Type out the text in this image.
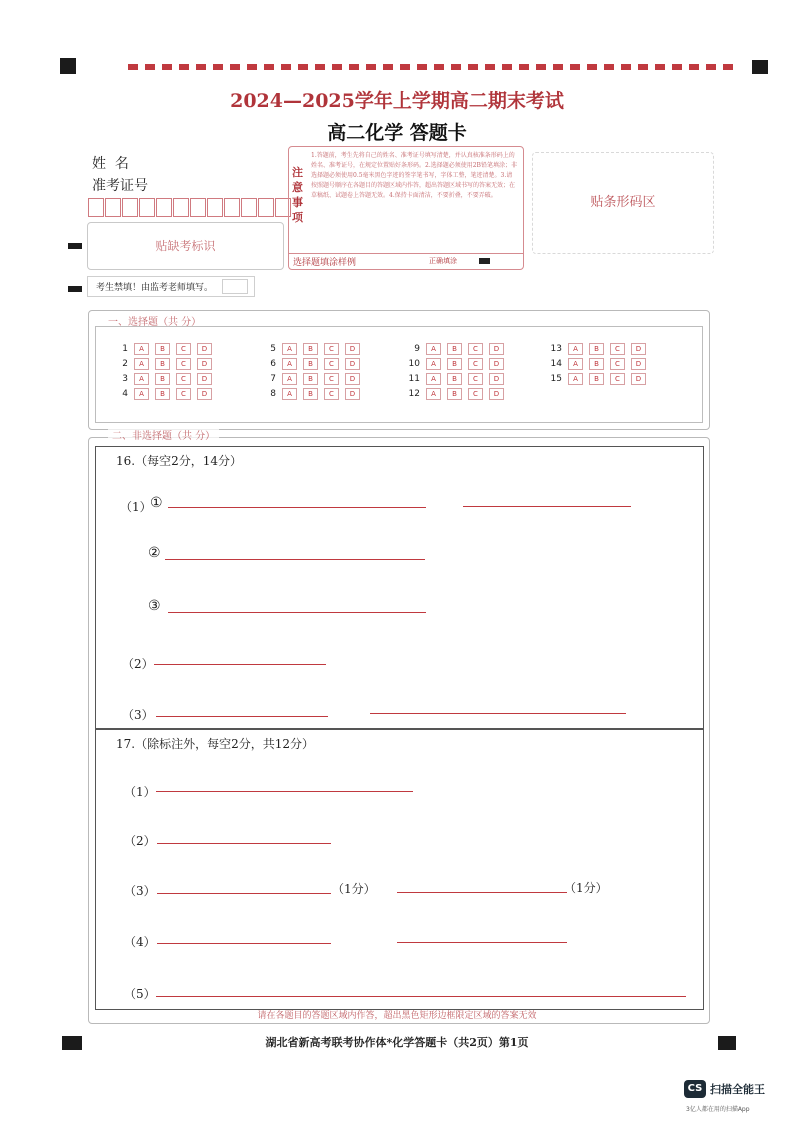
2024—2025学年上学期高二期末考试
高二化学 答题卡
姓  名
准考证号
贴缺考标识
注意事项
1.答题前，考生先将自己的姓名、准考证号填写清楚，并认真核准条形码上的姓名、准考证号，在规定位置贴好条形码。2.选择题必须使用2B铅笔填涂；非选择题必须使用0.5毫米黑色字迹的签字笔书写，字体工整，笔迹清楚。3.请按照题号顺序在各题目的答题区域内作答，超出答题区域书写的答案无效；在草稿纸、试题卷上答题无效。4.保持卡面清洁，不要折叠，不要弄破。
选择题填涂样例	正确填涂
贴条形码区
考生禁填！由监考老师填写。
一、选择题（共 分）
1	A	B	C	D
2	A	B	C	D
3	A	B	C	D
4	A	B	C	D
5	A	B	C	D
6	A	B	C	D
7	A	B	C	D
8	A	B	C	D
9	A	B	C	D
10	A	B	C	D
11	A	B	C	D
12	A	B	C	D
13	A	B	C	D
14	A	B	C	D
15	A	B	C	D
二、非选择题（共 分）
16.（每空2分，14分）
（1）
①
②
③
（2）
（3）
17.（除标注外，每空2分，共12分）
（1）
（2）
（3）	（1分）	（1分）
（4）
（5）
请在各题目的答题区域内作答，超出黑色矩形边框限定区域的答案无效
湖北省新高考联考协作体*化学答题卡（共2页）第1页
CS 扫描全能王
3亿人都在用的扫描App
